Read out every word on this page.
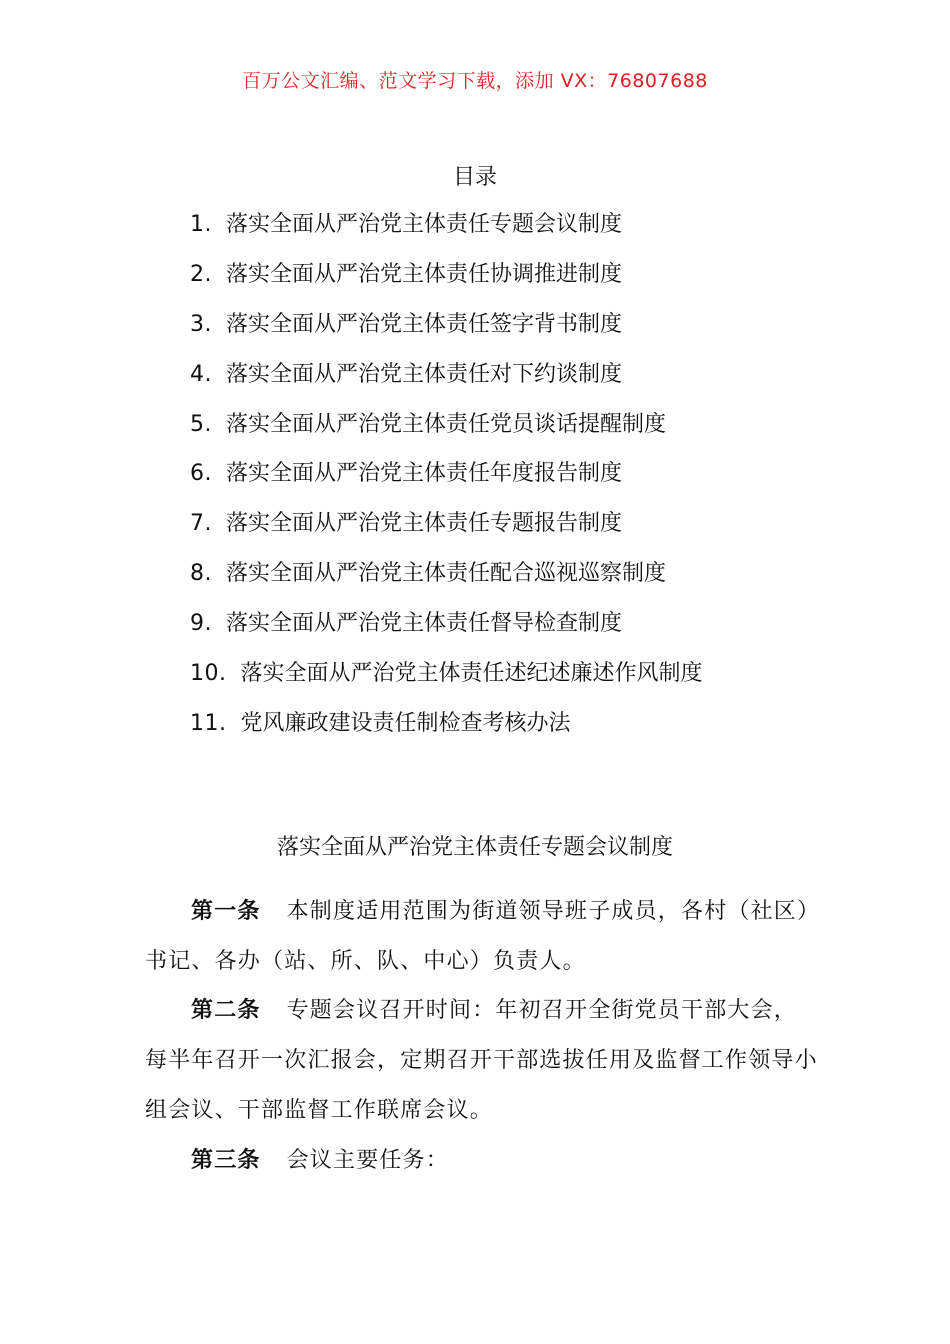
百万公文汇编、范文学习下载，添加 VX：76807688
目录
1. 落实全面从严治党主体责任专题会议制度
2. 落实全面从严治党主体责任协调推进制度
3. 落实全面从严治党主体责任签字背书制度
4. 落实全面从严治党主体责任对下约谈制度
5. 落实全面从严治党主体责任党员谈话提醒制度
6. 落实全面从严治党主体责任年度报告制度
7. 落实全面从严治党主体责任专题报告制度
8. 落实全面从严治党主体责任配合巡视巡察制度
9. 落实全面从严治党主体责任督导检查制度
10. 落实全面从严治党主体责任述纪述廉述作风制度
11. 党风廉政建设责任制检查考核办法
落实全面从严治党主体责任专题会议制度

第一条 本制度适用范围为街道领导班子成员，各村（社区）书记、各办（站、所、队、中心）负责人。

第二条 专题会议召开时间：年初召开全街党员干部大会，每半年召开一次汇报会，定期召开干部选拔任用及监督工作领导小组会议、干部监督工作联席会议。

第三条 会议主要任务：
